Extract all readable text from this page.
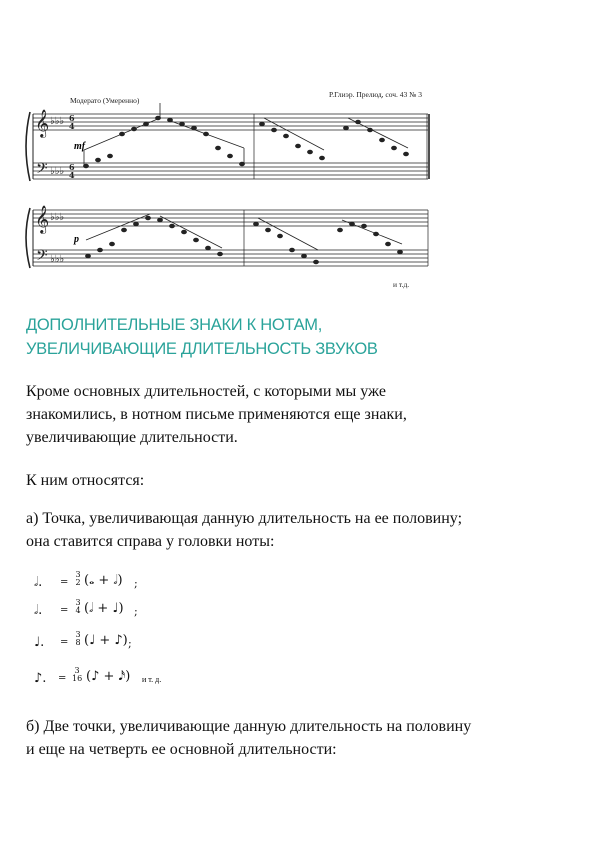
Модерато (Умеренно)
Р.Глиэр. Прелюд, соч. 43 № 3
𝄞
𝄢
𝄞
𝄢
♭♭♭
♭♭♭
♭♭♭
♭♭♭
6
4
6
4
mf
p
и т.д.
ДОПОЛНИТЕЛЬНЫЕ ЗНАКИ К НОТАМ,
УВЕЛИЧИВАЮЩИЕ ДЛИТЕЛЬНОСТЬ ЗВУКОВ
Кроме основных длительностей, с которыми мы уже
знакомились, в нотном письме применяются еще знаки,
увеличивающие длительности.
К ним относятся:
а) Точка, увеличивающая данную длительность на ее половину;
она ставится справа у головки ноты:
𝅗𝅥. =
3
2 (𝅝 + 𝅗𝅥) ;
𝅗𝅥. =
3
4 (𝅗𝅥 + ♩) ;
♩. =
3
8 (♩ + ♪) ;
♪. =
3
16 (♪ + 𝅘𝅥𝅯) и т. д.
б) Две точки, увеличивающие данную длительность на половину
и еще на четверть ее основной длительности:
